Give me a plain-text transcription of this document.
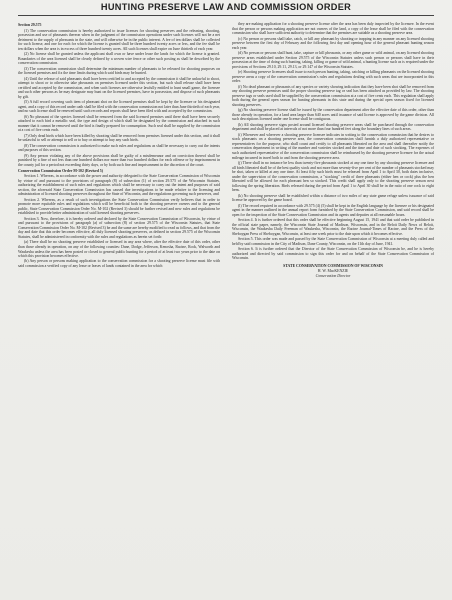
HUNTING PRESERVE LAW AND COMMISSION ORDER

Section 29.575

(1) The conservation commission is hereby authorized to issue licenses for shooting preserves and the releasing, shooting, possession and use of pheasants thereon when in the judgment of the commission operations under such licenses will not be a net detriment to the supply of pheasants in the state, and will otherwise be in the public interest. A fee of ten dollars shall be collected for such license, and one for each for which the license is granted shall be three hundred twenty acres or less, and the fee shall be ten dollars when the area is in excess of three hundred twenty acres. All such licenses shall expire on June thirtieth of each year.

(2) No license shall be granted unless the applicant shall own or have under lease the lands for which the license is granted. Boundaries of the area licensed shall be clearly defined by a woven wire fence or other such posting as shall be described by the conservation commission.

(3) The conservation commission shall determine the minimum number of pheasants to be released for shooting purposes on the licensed premises and fix the time limits during which said birds may be hunted.

(4) Until the release of said pheasants shall have been certified to and accepted by the commission it shall be unlawful to shoot, attempt to shoot or to otherwise take pheasants on premises licensed under this section, but such shall release shall have been certified and accepted by the commission, and when such licenses are otherwise lawfully entitled to hunt small game, the licensee and such other persons as he may designate may hunt on the licensed premises, have in possession, and dispose of such pheasants by gift.

(5) A full record covering such item of pheasant shot on the licensed premises shall be kept by the licensee or his designated agent, and a copy of this record under oath shall be filed with the conservation commission not later than June thirtieth of each year, and no such license shall be renewed until such records and reports shall have been filed with and accepted by the commission.

(6) No pheasant of the species licensed shall be removed from the said licensed premises until there shall have been securely attached to each bird a metallic seal, the type and design of which shall be designated by the commission and attached in such manner that it cannot be removed until the bird is finally prepared for consumption. Such seal shall be supplied by the commission at a cost of five cents each.

(7) Only dead birds which have been killed by shooting shall be removed from premises licensed under this section, and it shall be unlawful to sell or attempt to sell or to buy or attempt to buy any such birds.

(8) The conservation commission is authorized to make such rules and regulations as shall be necessary to carry out the intents and purposes of this section.

(9) Any person violating any of the above provisions shall be guilty of a misdemeanor and on conviction thereof shall be punished by a fine of not less than one hundred dollars nor more than two hundred dollars for each offense or by imprisonment in the county jail for a period not exceeding thirty days, or by both such fine and imprisonment in the discretion of the court.

Conservation Commission Order M-102 (Revised 5)

Section 1. Whereas, in accordance with the power and authority delegated to the State Conservation Commission of Wisconsin by virtue of and pursuant to the provisions of paragraph (8) of subsection (1) of section 29.575 of the Wisconsin Statutes, authorizing the establishment of such rules and regulations which shall be necessary to carry out the intent and purposes of said section, the aforesaid State Conservation Commission has caused due investigations to be made relative to the licensing and administration of licensed shooting preserves throughout the State of Wisconsin, and the regulations governing such preserves, and

Section 2. Whereas, as a result of such investigations the State Conservation Commission verily believes that in order to promote more equitable rules and regulations which will be beneficial both to the shooting preserve owners and to the general public, State Conservation Commission Order No. M-102 (Revised 3) should be further revised and new rules and regulations be established to provide better administration of said licensed shooting preserves.

Section 3. Now, therefore, it is hereby ordered and declared by the State Conservation Commission of Wisconsin, by virtue of and pursuant to the provisions of paragraph (a) of subsection (8) of section 29.575 of the Wisconsin Statutes, that State Conservation Commission Order No. M-102 (Revised 3) be and the same are hereby modified to read as follows, and that from the day and date that this order becomes effective, all duly licensed shooting preserves, as defined in section 29.575 of the Wisconsin Statutes, shall be administered in conformity with the rules and regulations as herein set forth:

(a) There shall be no shooting preserve established or licensed in any area where, after the effective date of this order, other than those already in operation, on any of the following counties: Dane, Dodge, Jefferson, Kenosha, Racine, Rock, Walworth and Waukesha unless the area has been posted or closed to general public hunting for a period of at least two years prior to the date on which this provision becomes effective.

(b) Any person or persons making application to the conservation commission for a shooting preserve license must file with said commission a verified copy of any lease or leases of lands contained in the area for which

they are making application for a shooting preserve license after the area has been duly inspected by the licensee. In the event that the person or persons making application are not owners of the land, a copy of the lease shall be filed with the conservation commission who shall have sufficient authority to determine that the premises are suitable as a shooting preserve area.

(c) No person or persons shall take, catch, or kill any pheasant by shooting or trapping in any manner on any licensed shooting preserve between the first day of February and the following first day and opening hour of the general pheasant hunting season each year.

(d) No person or persons shall hunt, take, capture or kill pheasants, or any other game or wild animal, on any licensed shooting preserve areas established under Section 29.575 of the Wisconsin Statutes unless such person or persons shall have in their possession at the time of doing such hunting, taking, killing or game of wild animal, a hunting license such as is required under the provisions of Sections 29.10, 29.11, 29.13, or 29.147 of the Wisconsin Statutes.

(e) Shooting preserve licensees shall issue to each person hunting, taking, catching or killing pheasants on the licensed shooting preserve areas a copy of the conservation commission's rules and regulations dealing with such areas that are incorporated in this order.

(f) No dead pheasant or pheasants of any species or variety showing indication that they have been shot shall be removed from any shooting preserve premises until the proper shooting preserve tag or seal has been attached as provided by law. The shooting preserve tags or seals used shall be supplied by the conservation commission at a cost of five cents each. This regulation shall apply both during the general open season for hunting pheasants in this state and during the special open season fixed for licensed shooting preserves.

(g) No shooting preserve license shall be issued by the conservation department after the effective date of this order, other than those already in operation, for a land area larger than 640 acres until issuance of said license is approved by the game division. All such descriptions licensed under one license shall be contiguous.

(h) All shooting preserve signs posted around licensed shooting preserve areas shall be purchased through the conservation department and shall be placed at intervals of not more than four hundred feet along the boundary lines of such areas.

(i) Whenever and wherever a shooting preserve licensee indicates in writing to the conservation commission that he desires to stock pheasants on a shooting preserve area, the conservation commission shall furnish a duly authorized representative or representatives for the purpose, who shall count and certify to all pheasants liberated on the area and shall thereafter notify the conservation department in writing of the number and varieties stocked and the time and date of such stocking. The expenses of such authorized representative of the conservation commission shall be reimbursed by the shooting preserve licensee for the actual mileage incurred in travel both to and from the shooting preserve area.

(j) There shall in no instance be less than twenty-five pheasants stocked at any one time by any shooting preserve licensee and all birds liberated shall be of the best quality stock and not more than seventy-five per cent of the number of pheasants stocked may be shot, taken or killed at any one time. At least fifty such birds must be released from April 1 to April 30, both dates inclusive, under the supervision of the conservation commission, a "stocking" credit of three pheasants (either hen or cock) plus the hen liberated will be allowed for each pheasant hen so stocked. This credit shall apply only to the shooting preserve season next following the spring liberation. Birds released during the period from April 1 to April 30 shall be in the ratio of one cock to eight hens.

(k) No shooting preserve shall be established within a distance of two miles of any state game refuge unless issuance of said license be approved by the game board.

(l) The record required in accordance with 29.575 (4) (5) shall be kept in the English language by the licensee or his designated agent in the manner outlined in the annual report form furnished by the State Conservation Commission, and said record shall be open for the inspection of the State Conservation Commission and its agents and deputies at all reasonable hours.

Section 4. It is further ordered that this order shall be effective beginning August 15, 1941 and that said order be published in the official state paper, namely, the Wisconsin State Journal of Madison, Wisconsin, and in the Beloit Daily News of Beloit, Wisconsin, the Waukesha Daily Freeman of Waukesha, Wisconsin, the Racine Journal-Times of Racine, and the Press of the Sheboygan Press of Sheboygan, Wisconsin, at least one week prior to the date upon which it becomes effective.

Section 5. This order was made and passed by the State Conservation Commission of Wisconsin at a meeting duly called and held by said commission in the City of Madison, Dane County, Wisconsin, on the 11th day of June, 1941.

Section 6. It is further ordered that the Director of the State Conservation Commission of Wisconsin be, and he is hereby authorized and directed by said commission to sign this order for and on behalf of the State Conservation Commission of Wisconsin.

STATE CONSERVATION COMMISSION OF WISCONSIN

H. W. MacKENZIE

Conservation Director
